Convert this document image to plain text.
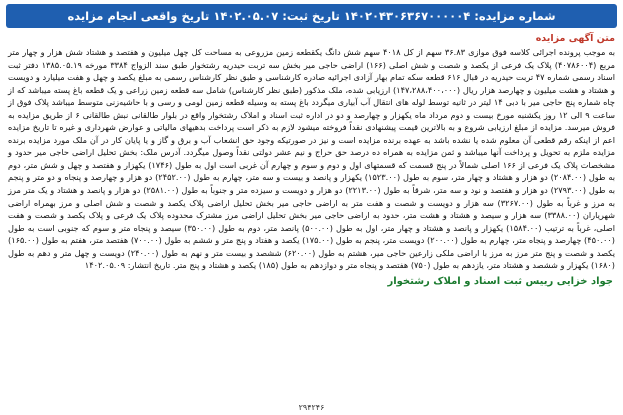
شماره مزایده: ۱۴۰۲۰۴۳۰۶۳۶۷۰۰۰۰۰۴ تاریخ ثبت: ۱۴۰۲.۰۵.۰۷ تاریخ واقعی انجام مزایده
متن آگهی مزایده
به موجب پرونده اجرائی کلاسه فوق موازی ۳۶.۸۳ سهم از کل ۴۰۱۸ سهم شش دانگ یکقطعه زمین مزروعی به مساحت کل چهل میلیون و هفتصد و هشتاد شش هزار و چهار متر مربع (۴۰۷۸۶۰۰۴) پلاک یک فرعی از یکصد و شصت و شش اصلی (۱۶۶) اراضی حاجی میر بخش سه تربت حیدریه رشتخوار طبق سند الزواج ۳۳۸۴ مورخه ۱۳۸۵.۰۵.۱۹ دفتر ثبت اسناد رسمی شماره ۴۷ تربت حیدریه در قبال ۶۱۶ قطعه سکه تمام بهار آزادی اجرائیه صادره کارشناسی و طبق نظر کارشناس رسمی به مبلغ یکصد و چهل و هفت میلیارد و دویست و هشتاد و هشت میلیون و چهارصد هزار ریال (۱۴۷،۲۸۸،۴۰۰،۰۰۰) ارزیابی شده، ملک مذکور (طبق نظر کارشناس) شامل سه قطعه زمین زراعی و یک قطعه باغ پسته میباشد که از چاه شماره پنج حاجی میر با دبی ۱۴ لیتر در ثانیه توسط لوله های انتقال آب آبیاری میگردد باغ پسته به وسیله قطعه زمین لومی و رسی و با حاشیه‌زنی متوسط میباشد پلاک فوق از ساعت ۹ الی ۱۲ روز یکشنبه مورخ بیست و دوم مرداد ماه یکهزار و چهارصد و دو در اداره ثبت اسناد و املاک رشتخوار واقع در بلوار طالقانی نبش طالقانی ۶ از طریق مزایده به فروش میرسد. مزایده از مبلغ ارزیابی شروع و به بالاترین قیمت پیشنهادی نقداً فروخته میشود لازم به ذکر است پرداخت بدهیهای مالیاتی و عوارض شهرداری و غیره تا تاریخ مزایده اعم از اینکه رقم قطعی آن معلوم شده یا نشده باشد به عهده برنده مزایده است و نیز در صورتیکه وجود حق انشعاب آب و برق و گاز و یا پایان کار در آن ملک مورد مزایده برنده مزایده ملزم به تحویل و پرداخت آنها میباشد و ثمن مزایده به همراه ده درصد حق حراج و نیم عشر دولتی نقداً وصول میگردد. آدرس ملک: بخش تحلیل اراضی حاجی میر حدود و مشخصات پلاک یک فرعی از ۱۶۶ اصلی شمالاً در پنج قسمت که قسمتهای اول و دوم و سوم و چهارم آن غربی است اول به طول (۱۷۴۶) یکهزار و هفتصد و چهل و شش متر، دوم به طول (۲۰۸۴.۰۰) دو هزار و هشتاد و چهار متر، سوم به طول (۱۵۲۳.۰۰) یکهزار و پانصد و بیست و سه متر، چهارم به طول (۲۴۵۲.۰۰) دو هزار و چهارصد و پنجاه و دو متر و پنجم به طول (۲۷۹۳.۰۰) دو هزار و هفتصد و نود و سه متر، شرقاً به طول (۲۲۱۳.۰۰) دو هزار و دویست و سیزده متر و جنوباً به طول (۲۵۸۱.۰۰) دو هزار و پانصد و هشتاد و یک متر مرز به مرز و غرباً به طول (۳۲۶۷.۰۰) سه هزار و دویست و شصت و هفت متر به اراضی حاجی میر بخش تحلیل اراضی پلاک یکصد و شصت و شش اصلی و مرز بهمراه اراضی شهریاران (۳۳۸۸.۰۰) سه هزار و سیصد و هشتاد و هشت متر، حدود به اراضی حاجی میر بخش تحلیل اراضی مرز مشترک محدوده پلاک یک فرعی و پلاک یکصد و شصت و هفت اصلی، غرباً به ترتیب (۱۵۸۴.۰۰) یکهزار و پانصد و هشتاد و چهار متر، اول به طول (۵۰۰.۰۰) پانصد متر، دوم به طول (۳۵۰.۰۰) سیصد و پنجاه متر و سوم که جنوبی است به طول (۴۵۰.۰۰) چهارصد و پنجاه متر، چهارم به طول (۲۰۰.۰۰) دویست متر، پنجم به طول (۱۷۵.۰۰) یکصد و هفتاد و پنج متر و ششم به طول (۷۰۰.۰۰) هفتصد متر، هفتم به طول (۱۶۵.۰۰) یکصد و شصت و پنج متر مرز به مرز با اراضی ملکی زارعین حاجی میر، هشتم به طول (۶۲۰.۰۰) ششصد و بیست متر و نهم به طول (۲۴۰.۰۰) دویست و چهل متر و دهم به طول (۱۶۸۰) یکهزار و ششصد و هشتاد متر، یازدهم به طول (۷۵۰) هفتصد و پنجاه متر و دوازدهم به طول (۱۸۵) یکصد و هشتاد و پنج متر. تاریخ انتشار: ۱۴۰۲.۰۵.۰۹
جواد خزایی رییس ثبت اسناد و املاک رشتخوار
۲۹۴۲۴۶
